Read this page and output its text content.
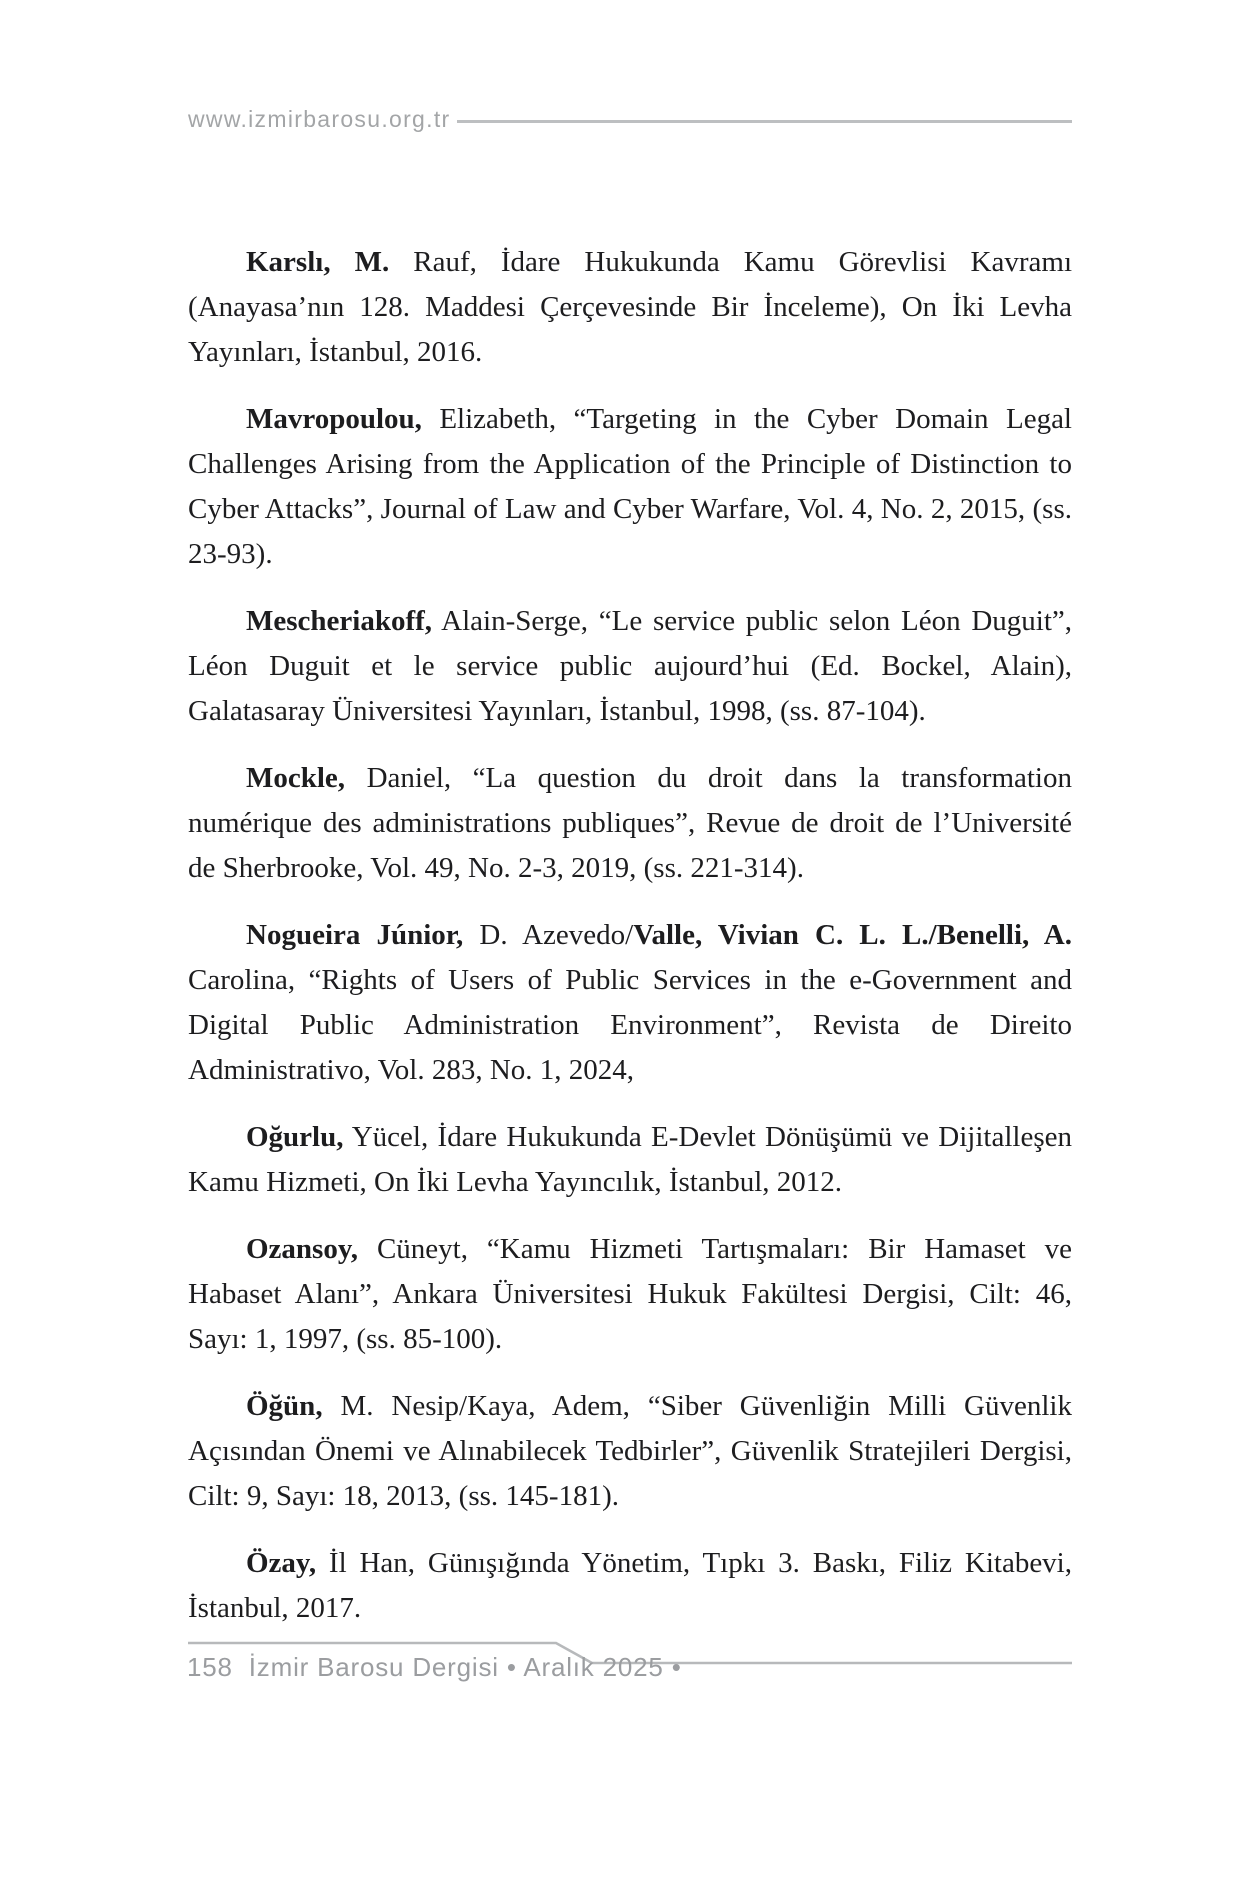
www.izmirbarosu.org.tr

Karslı, M. Rauf, İdare Hukukunda Kamu Görevlisi Kavramı (Anayasa’nın 128. Maddesi Çerçevesinde Bir İnceleme), On İki Levha Yayınları, İstanbul, 2016.

Mavropoulou, Elizabeth, “Targeting in the Cyber Domain Legal Challenges Arising from the Application of the Principle of Distinction to Cyber Attacks”, Journal of Law and Cyber Warfare, Vol. 4, No. 2, 2015, (ss. 23-93).

Mescheriakoff, Alain-Serge, “Le service public selon Léon Duguit”, Léon Duguit et le service public aujourd’hui (Ed. Bockel, Alain), Galatasaray Üniversitesi Yayınları, İstanbul, 1998, (ss. 87-104).

Mockle, Daniel, “La question du droit dans la transformation numérique des administrations publiques”, Revue de droit de l’Université de Sherbrooke, Vol. 49, No. 2-3, 2019, (ss. 221-314).

Nogueira Júnior, D. Azevedo/Valle, Vivian C. L. L./Benelli, A. Carolina, “Rights of Users of Public Services in the e-Government and Digital Public Administration Environment”, Revista de Direito Administrativo, Vol. 283, No. 1, 2024,

Oğurlu, Yücel, İdare Hukukunda E-Devlet Dönüşümü ve Dijitalleşen Kamu Hizmeti, On İki Levha Yayıncılık, İstanbul, 2012.

Ozansoy, Cüneyt, “Kamu Hizmeti Tartışmaları: Bir Hamaset ve Habaset Alanı”, Ankara Üniversitesi Hukuk Fakültesi Dergisi, Cilt: 46, Sayı: 1, 1997, (ss. 85-100).

Öğün, M. Nesip/Kaya, Adem, “Siber Güvenliğin Milli Güvenlik Açısından Önemi ve Alınabilecek Tedbirler”, Güvenlik Stratejileri Dergisi, Cilt: 9, Sayı: 18, 2013, (ss. 145-181).

Özay, İl Han, Günışığında Yönetim, Tıpkı 3. Baskı, Filiz Kitabevi, İstanbul, 2017.

158 İzmir Barosu Dergisi • Aralık 2025 •
